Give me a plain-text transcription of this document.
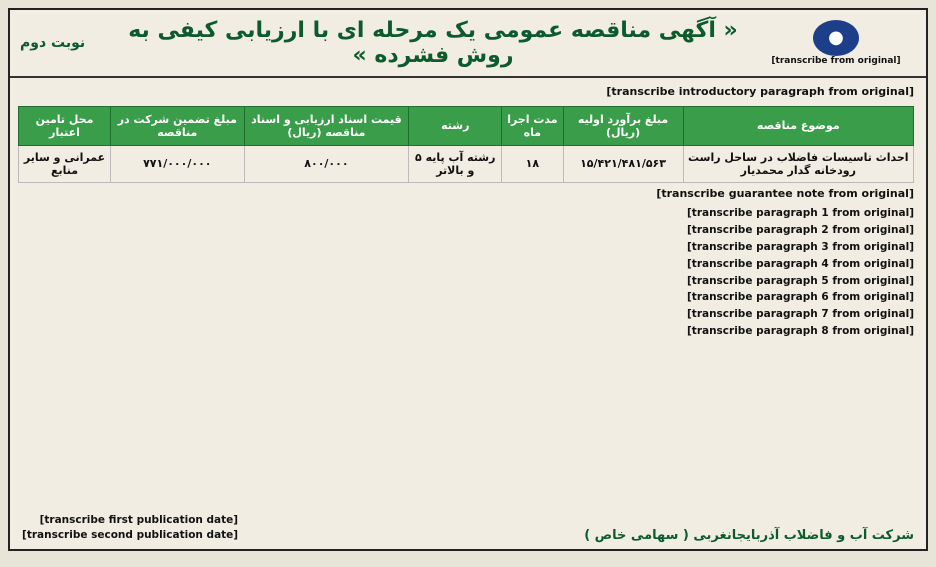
●
[transcribe from original]
« آگهی مناقصه عمومی یک مرحله ای با ارزیابی کیفی به روش فشرده »
نوبت دوم
[transcribe introductory paragraph from original]
موضوع مناقصه	مبلغ برآورد اولیه (ریال)	مدت اجرا ماه	رشته	قیمت اسناد ارزیابی و اسناد مناقصه (ریال)	مبلغ تضمین شرکت در مناقصه	محل تامین اعتبار
احداث تاسیسات فاضلاب در ساحل راست رودخانه گدار محمدیار	۱۵/۴۲۱/۴۸۱/۵۶۳	۱۸	رشته آب پایه ۵ و بالاتر	۸۰۰/۰۰۰	۷۷۱/۰۰۰/۰۰۰	عمرانی و سایر منابع
[transcribe guarantee note from original]

[transcribe paragraph 1 from original]

[transcribe paragraph 2 from original]

[transcribe paragraph 3 from original]

[transcribe paragraph 4 from original]

[transcribe paragraph 5 from original]

[transcribe paragraph 6 from original]

[transcribe paragraph 7 from original]

[transcribe paragraph 8 from original]

شرکت آب و فاضلاب آذربایجانغربی ( سهامی خاص )
[transcribe first publication date]
[transcribe second publication date]
